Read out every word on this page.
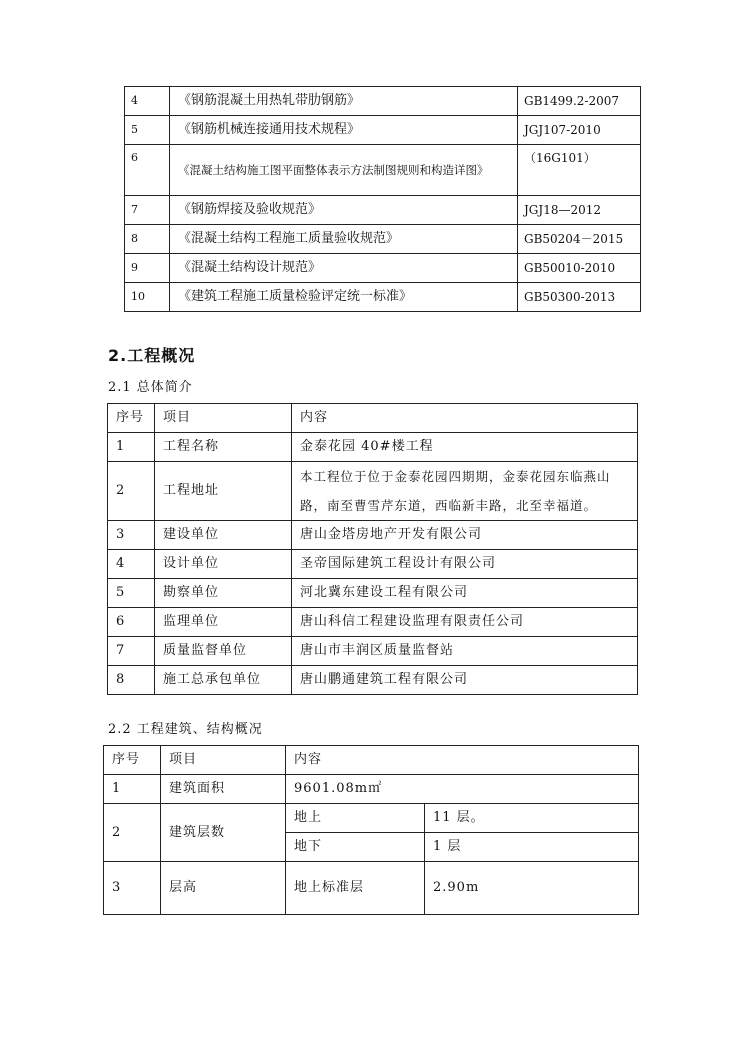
4	《钢筋混凝土用热轧带肋钢筋》	GB1499.2-2007
5	《钢筋机械连接通用技术规程》	JGJ107-2010
6	《混凝土结构施工图平面整体表示方法制图规则和构造详图》	（16G101）
7	《钢筋焊接及验收规范》	JGJ18—2012
8	《混凝土结构工程施工质量验收规范》	GB50204－2015
9	《混凝土结构设计规范》	GB50010-2010
10	《建筑工程施工质量检验评定统一标准》	GB50300-2013
2.工程概况
2.1 总体简介
序号	项目	内容
1	工程名称	金泰花园 40#楼工程
2	工程地址	本工程位于位于金泰花园四期期，金泰花园东临燕山路，南至曹雪芹东道，西临新丰路，北至幸福道。
3	建设单位	唐山金塔房地产开发有限公司
4	设计单位	圣帝国际建筑工程设计有限公司
5	勘察单位	河北冀东建设工程有限公司
6	监理单位	唐山科信工程建设监理有限责任公司
7	质量监督单位	唐山市丰润区质量监督站
8	施工总承包单位	唐山鹏通建筑工程有限公司
2.2 工程建筑、结构概况
序号	项目	内容	
1	建筑面积	9601.08m㎡	
2	建筑层数	地上	11 层。
		地下	1 层
3	层高	地上标准层	2.90m
